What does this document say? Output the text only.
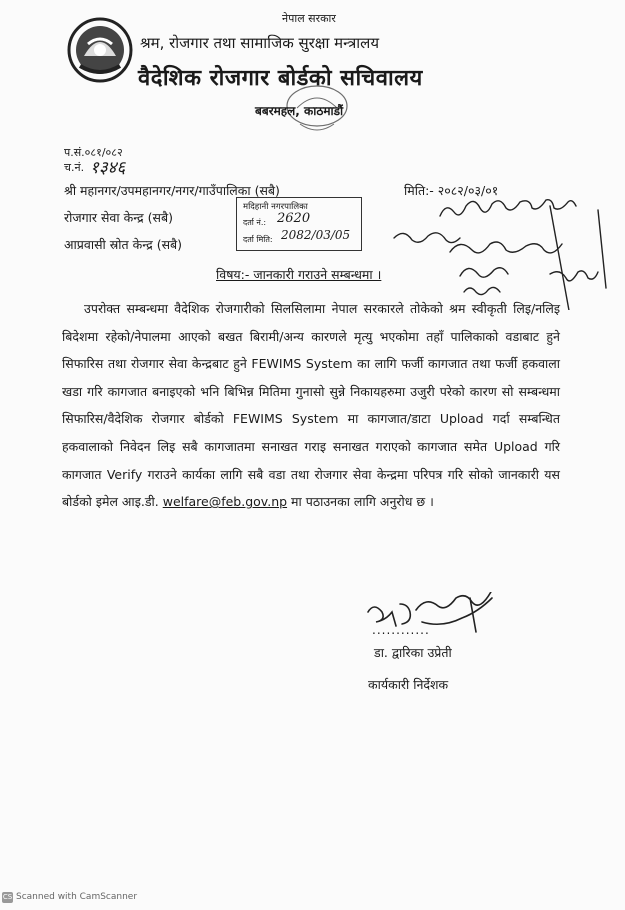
नेपाल सरकार
श्रम, रोजगार तथा सामाजिक सुरक्षा मन्त्रालय
वैदेशिक रोजगार बोर्डको सचिवालय
बबरमहल, काठमाडौं
प.सं.०८१/०८२
च.नं. १३४६
श्री महानगर/उपमहानगर/नगर/गाउँपालिका (सबै)
रोजगार सेवा केन्द्र (सबै)
आप्रवासी स्रोत केन्द्र (सबै)
मिति:- २०८२/०३/०१
मदिहानी नगरपालिका
दर्ता नं.: 2620
दर्ता मिति: 2082/03/05
विषय:- जानकारी गराउने सम्बन्धमा ।
उपरोक्त सम्बन्धमा वैदेशिक रोजगारीको सिलसिलामा नेपाल सरकारले तोकेको श्रम स्वीकृती लिइ/नलिइ बिदेशमा रहेको/नेपालमा आएको बखत बिरामी/अन्य कारणले मृत्यु भएकोमा तहाँ पालिकाको वडाबाट हुने सिफारिस तथा रोजगार सेवा केन्द्रबाट हुने FEWIMS System का लागि फर्जी कागजात तथा फर्जी हकवाला खडा गरि कागजात बनाइएको भनि बिभिन्न मितिमा गुनासो सुन्ने निकायहरुमा उजुरी परेको कारण सो सम्बन्धमा सिफारिस/वैदेशिक रोजगार बोर्डको FEWIMS System मा कागजात/डाटा Upload गर्दा सम्बन्धित हकवालाको निवेदन लिइ सबै कागजातमा सनाखत गराइ सनाखत गराएको कागजात समेत Upload गरि कागजात Verify गराउने कार्यका लागि सबै वडा तथा रोजगार सेवा केन्द्रमा परिपत्र गरि सोको जानकारी यस बोर्डको इमेल आइ.डी. welfare@feb.gov.np मा पठाउनका लागि अनुरोध छ ।
............
डा. द्वारिका उप्रेती
कार्यकारी निर्देशक
CS Scanned with CamScanner
